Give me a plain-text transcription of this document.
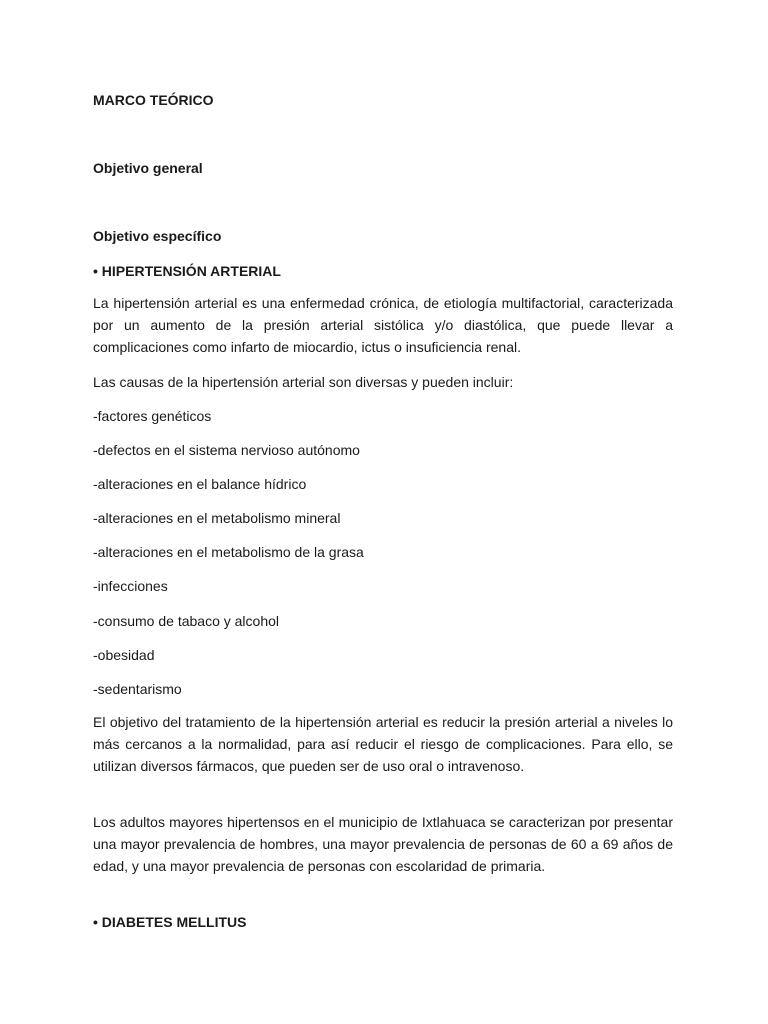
MARCO TEÓRICO
Objetivo general
Objetivo específico
• HIPERTENSIÓN ARTERIAL
La hipertensión arterial es una enfermedad crónica, de etiología multifactorial, caracterizada por un aumento de la presión arterial sistólica y/o diastólica, que puede llevar a complicaciones como infarto de miocardio, ictus o insuficiencia renal.
Las causas de la hipertensión arterial son diversas y pueden incluir:
-factores genéticos
-defectos en el sistema nervioso autónomo
-alteraciones en el balance hídrico
-alteraciones en el metabolismo mineral
-alteraciones en el metabolismo de la grasa
-infecciones
-consumo de tabaco y alcohol
-obesidad
-sedentarismo
El objetivo del tratamiento de la hipertensión arterial es reducir la presión arterial a niveles lo más cercanos a la normalidad, para así reducir el riesgo de complicaciones. Para ello, se utilizan diversos fármacos, que pueden ser de uso oral o intravenoso.
Los adultos mayores hipertensos en el municipio de Ixtlahuaca se caracterizan por presentar una mayor prevalencia de hombres, una mayor prevalencia de personas de 60 a 69 años de edad, y una mayor prevalencia de personas con escolaridad de primaria.
• DIABETES MELLITUS
